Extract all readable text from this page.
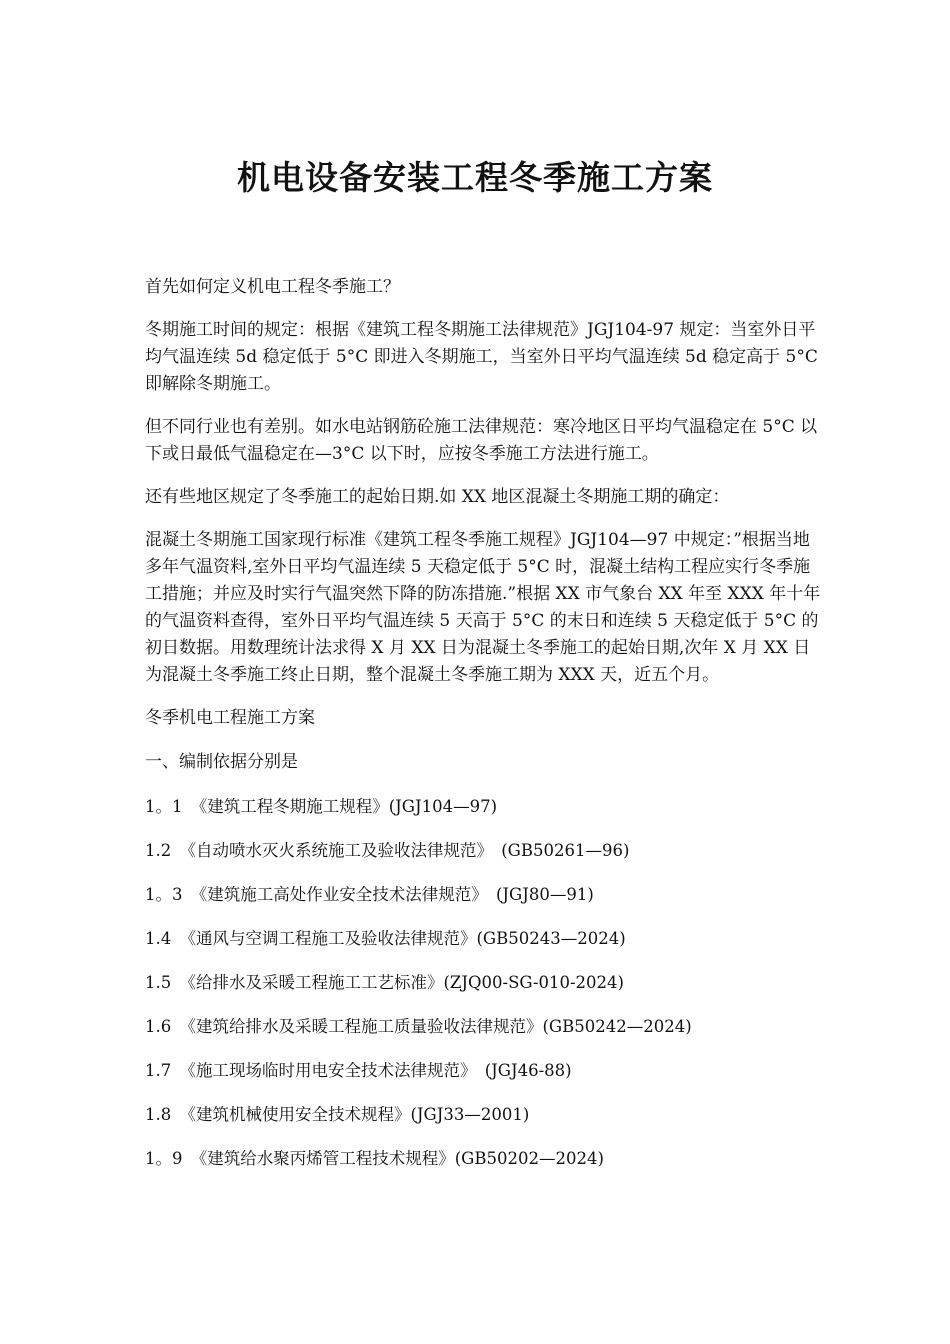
机电设备安装工程冬季施工方案

首先如何定义机电工程冬季施工？

冬期施工时间的规定：根据《建筑工程冬期施工法律规范》JGJ104-97 规定：当室外日平均气温连续 5d 稳定低于 5°C 即进入冬期施工，当室外日平均气温连续 5d 稳定高于 5°C 即解除冬期施工。

但不同行业也有差别。如水电站钢筋砼施工法律规范：寒冷地区日平均气温稳定在 5°C 以下或日最低气温稳定在—3°C 以下时，应按冬季施工方法进行施工。

还有些地区规定了冬季施工的起始日期.如 XX 地区混凝土冬期施工期的确定：

混凝土冬期施工国家现行标准《建筑工程冬季施工规程》JGJ104—97 中规定：”根据当地多年气温资料,室外日平均气温连续 5 天稳定低于 5°C 时，混凝土结构工程应实行冬季施工措施；并应及时实行气温突然下降的防冻措施.”根据 XX 市气象台 XX 年至 XXX 年十年的气温资料查得，室外日平均气温连续 5 天高于 5°C 的末日和连续 5 天稳定低于 5°C 的初日数据。用数理统计法求得 X 月 XX 日为混凝土冬季施工的起始日期,次年 X 月 XX 日为混凝土冬季施工终止日期，整个混凝土冬季施工期为 XXX 天，近五个月。

冬季机电工程施工方案

一、编制依据分别是

1。1　《建筑工程冬期施工规程》(JGJ104—97)

1.2　《自动喷水灭火系统施工及验收法律规范》　(GB50261—96)

1。3　《建筑施工高处作业安全技术法律规范》　(JGJ80—91)

1.4　《通风与空调工程施工及验收法律规范》(GB50243—2024)

1.5　《给排水及采暖工程施工工艺标准》(ZJQ00-SG-010-2024)

1.6　《建筑给排水及采暖工程施工质量验收法律规范》(GB50242—2024)

1.7　《施工现场临时用电安全技术法律规范》　(JGJ46-88)

1.8　《建筑机械使用安全技术规程》(JGJ33—2001)

1。9　《建筑给水聚丙烯管工程技术规程》(GB50202—2024)
